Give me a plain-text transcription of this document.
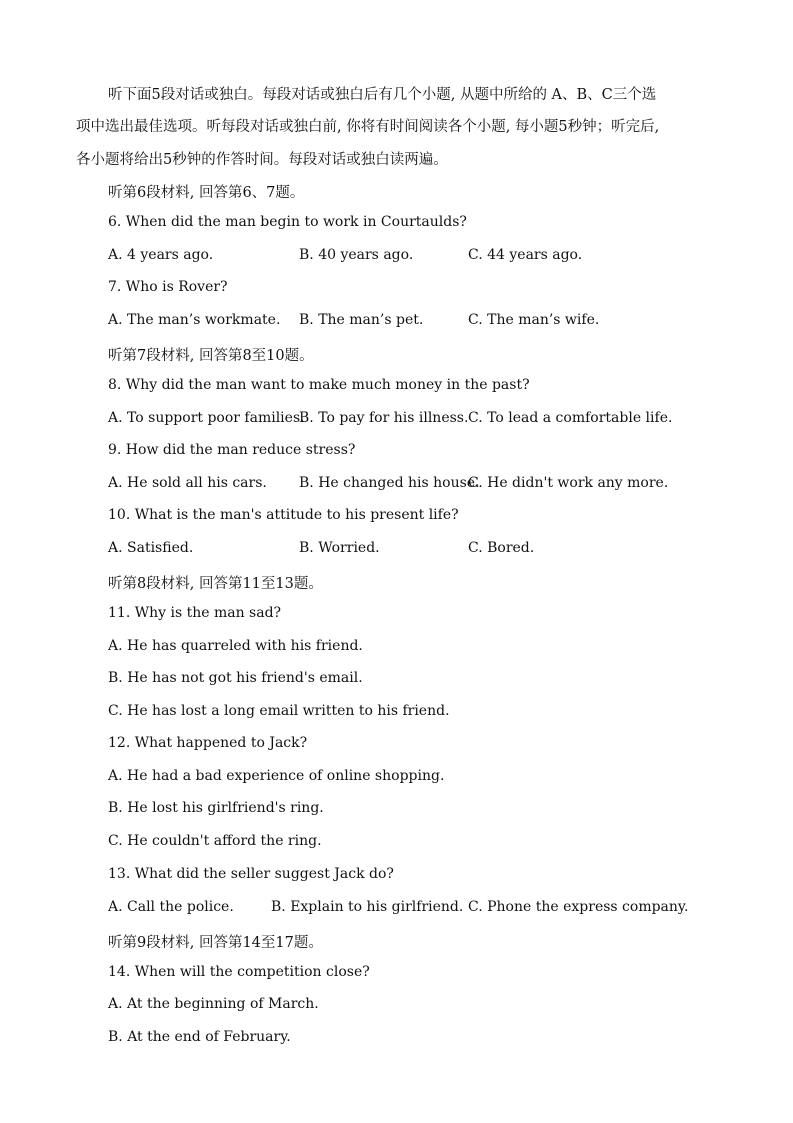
听下面5段对话或独白。每段对话或独白后有几个小题, 从题中所给的 A、B、C三个选
项中选出最佳选项。听每段对话或独白前, 你将有时间阅读各个小题, 每小题5秒钟；听完后,
各小题将给出5秒钟的作答时间。每段对话或独白读两遍。
听第6段材料, 回答第6、7题。
6. When did the man begin to work in Courtaulds?
A. 4 years ago.	B. 40 years ago.	C. 44 years ago.
7. Who is Rover?
A. The man’s workmate. B. The man’s pet.	C. The man’s wife.
听第7段材料, 回答第8至10题。
8. Why did the man want to make much money in the past?
A. To support poor families.
B. To pay for his illness. C. To lead a comfortable life.
9. How did the man reduce stress?
A. He sold all his cars. B. He changed his house.
C. He didn't work any more.
10. What is the man's attitude to his present life?
A. Satisfied.	B. Worried.	C. Bored.
听第8段材料, 回答第11至13题。
11. Why is the man sad?
A. He has quarreled with his friend.
B. He has not got his friend's email.
C. He has lost a long email written to his friend.
12. What happened to Jack?
A. He had a bad experience of online shopping.
B. He lost his girlfriend's ring.
C. He couldn't afford the ring.
13. What did the seller suggest Jack do?
A. Call the police.	B. Explain to his girlfriend. C. Phone the express company.
听第9段材料, 回答第14至17题。
14. When will the competition close?
A. At the beginning of March.
B. At the end of February.
